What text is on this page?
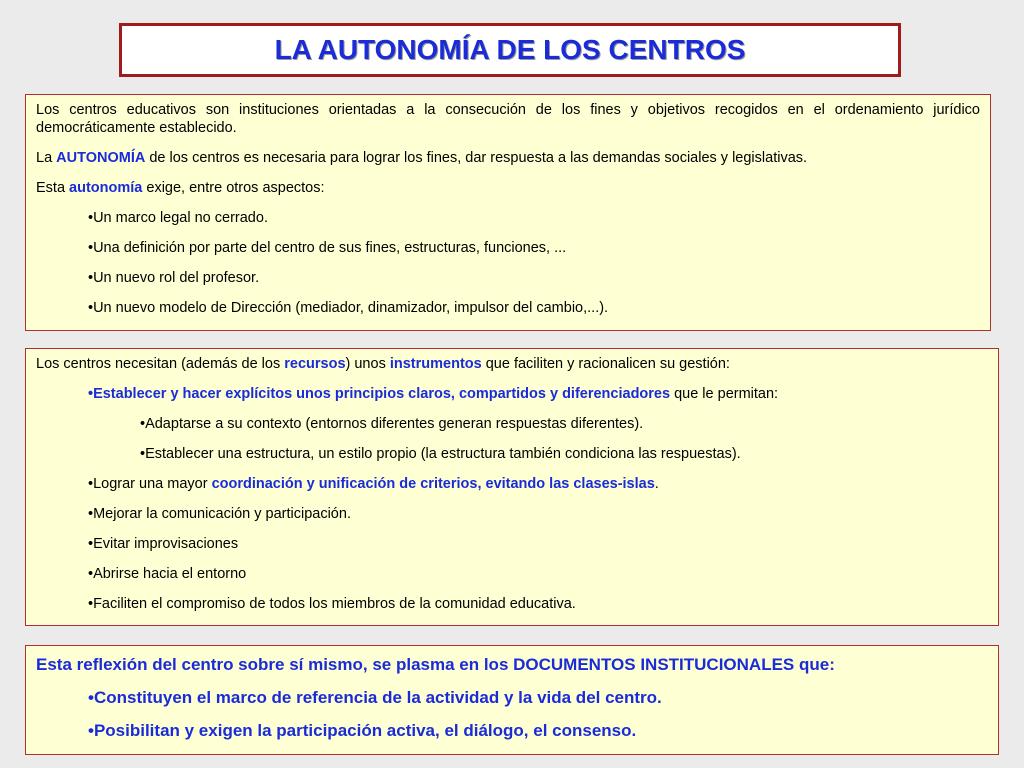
LA AUTONOMÍA DE LOS CENTROS

Los centros educativos son instituciones orientadas a la consecución de los fines y objetivos recogidos en el ordenamiento jurídico democráticamente establecido.

La AUTONOMÍA de los centros es necesaria para lograr los fines, dar respuesta a las demandas sociales y legislativas.

Esta autonomía exige, entre otros aspectos:

•Un marco legal no cerrado.

•Una definición por parte del centro de sus fines, estructuras, funciones, ...

•Un nuevo rol del profesor.

•Un nuevo modelo de Dirección (mediador, dinamizador, impulsor del cambio,...).

Los centros necesitan (además de los recursos) unos instrumentos que faciliten y racionalicen su gestión:

•Establecer y hacer explícitos unos principios claros, compartidos y diferenciadores que le permitan:

•Adaptarse a su contexto (entornos diferentes generan respuestas diferentes).

•Establecer una estructura, un estilo propio (la estructura también condiciona las respuestas).

•Lograr una mayor coordinación y unificación de criterios, evitando las clases-islas.

•Mejorar la comunicación y participación.

•Evitar improvisaciones

•Abrirse hacia el entorno

•Faciliten el compromiso de todos los miembros de la comunidad educativa.

Esta reflexión del centro sobre sí mismo, se plasma en los DOCUMENTOS INSTITUCIONALES que:

•Constituyen el marco de referencia de la actividad y la vida del centro.

•Posibilitan y exigen la participación activa, el diálogo, el consenso.
